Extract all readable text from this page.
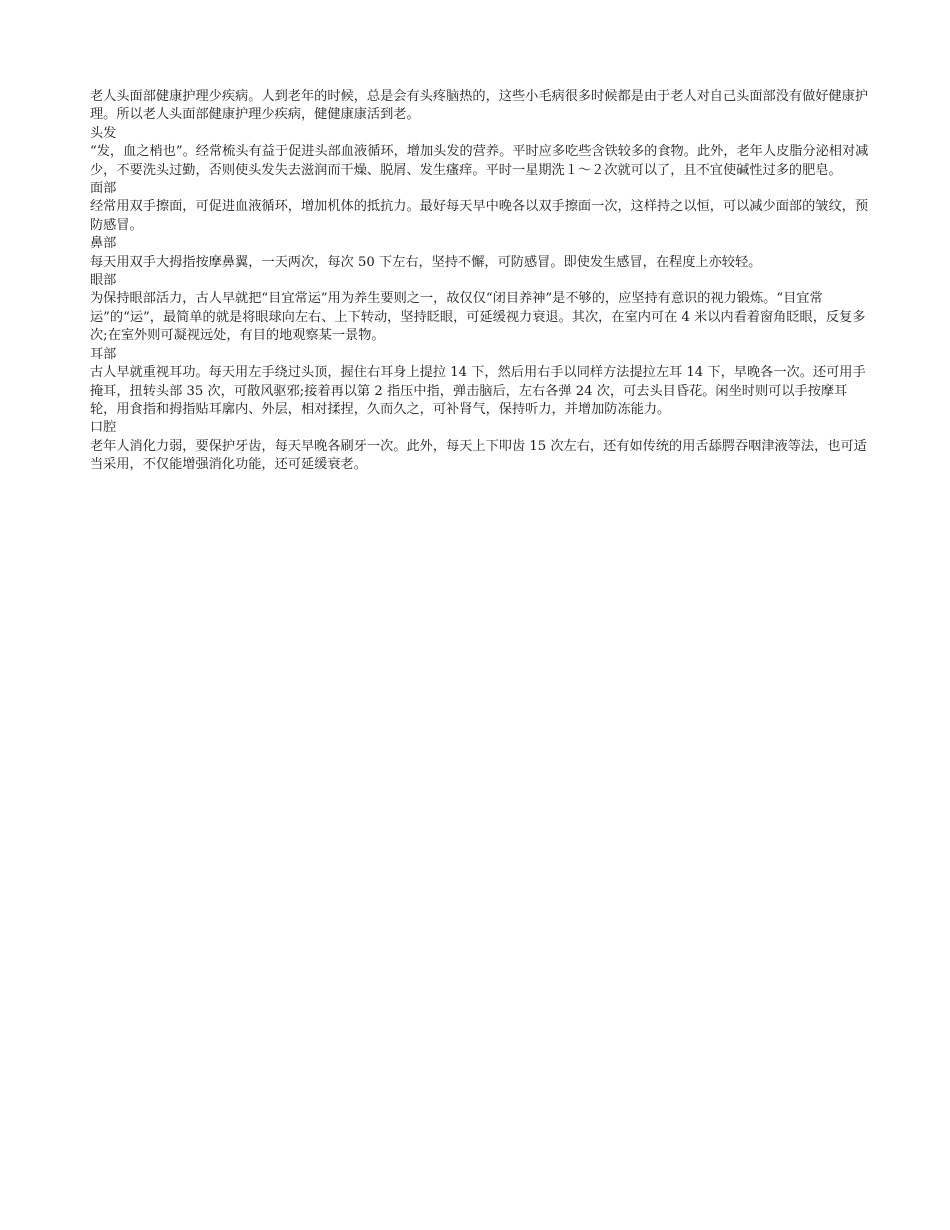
老人头面部健康护理少疾病。人到老年的时候，总是会有头疼脑热的，这些小毛病很多时候都是由于老人对自己头面部没有做好健康护理。所以老人头面部健康护理少疾病，健健康康活到老。

头发

“发，血之梢也”。经常梳头有益于促进头部血液循环，增加头发的营养。平时应多吃些含铁较多的食物。此外，老年人皮脂分泌相对减少，不要洗头过勤，否则使头发失去滋润而干燥、脱屑、发生瘙痒。平时一星期洗１～２次就可以了，且不宜使碱性过多的肥皂。

面部

经常用双手擦面，可促进血液循环，增加机体的抵抗力。最好每天早中晚各以双手擦面一次，这样持之以恒，可以减少面部的皱纹，预防感冒。

鼻部

每天用双手大拇指按摩鼻翼，一天两次，每次 50 下左右，坚持不懈，可防感冒。即使发生感冒，在程度上亦较轻。

眼部

为保持眼部活力，古人早就把“目宜常运”用为养生要则之一，故仅仅“闭目养神”是不够的，应坚持有意识的视力锻炼。“目宜常运”的“运”，最简单的就是将眼球向左右、上下转动，坚持眨眼，可延缓视力衰退。其次，在室内可在 4 米以内看着窗角眨眼，反复多次;在室外则可凝视远处，有目的地观察某一景物。

耳部

古人早就重视耳功。每天用左手绕过头顶，握住右耳身上提拉 14 下，然后用右手以同样方法提拉左耳 14 下，早晚各一次。还可用手掩耳，扭转头部 35 次，可散风驱邪;接着再以第 2 指压中指，弹击脑后，左右各弹 24 次，可去头目昏花。闲坐时则可以手按摩耳轮，用食指和拇指贴耳廓内、外层，相对揉捏，久而久之，可补肾气，保持听力，并增加防冻能力。

口腔

老年人消化力弱，要保护牙齿，每天早晚各刷牙一次。此外，每天上下叩齿 15 次左右，还有如传统的用舌舔腭吞咽津液等法，也可适当采用，不仅能增强消化功能，还可延缓衰老。
